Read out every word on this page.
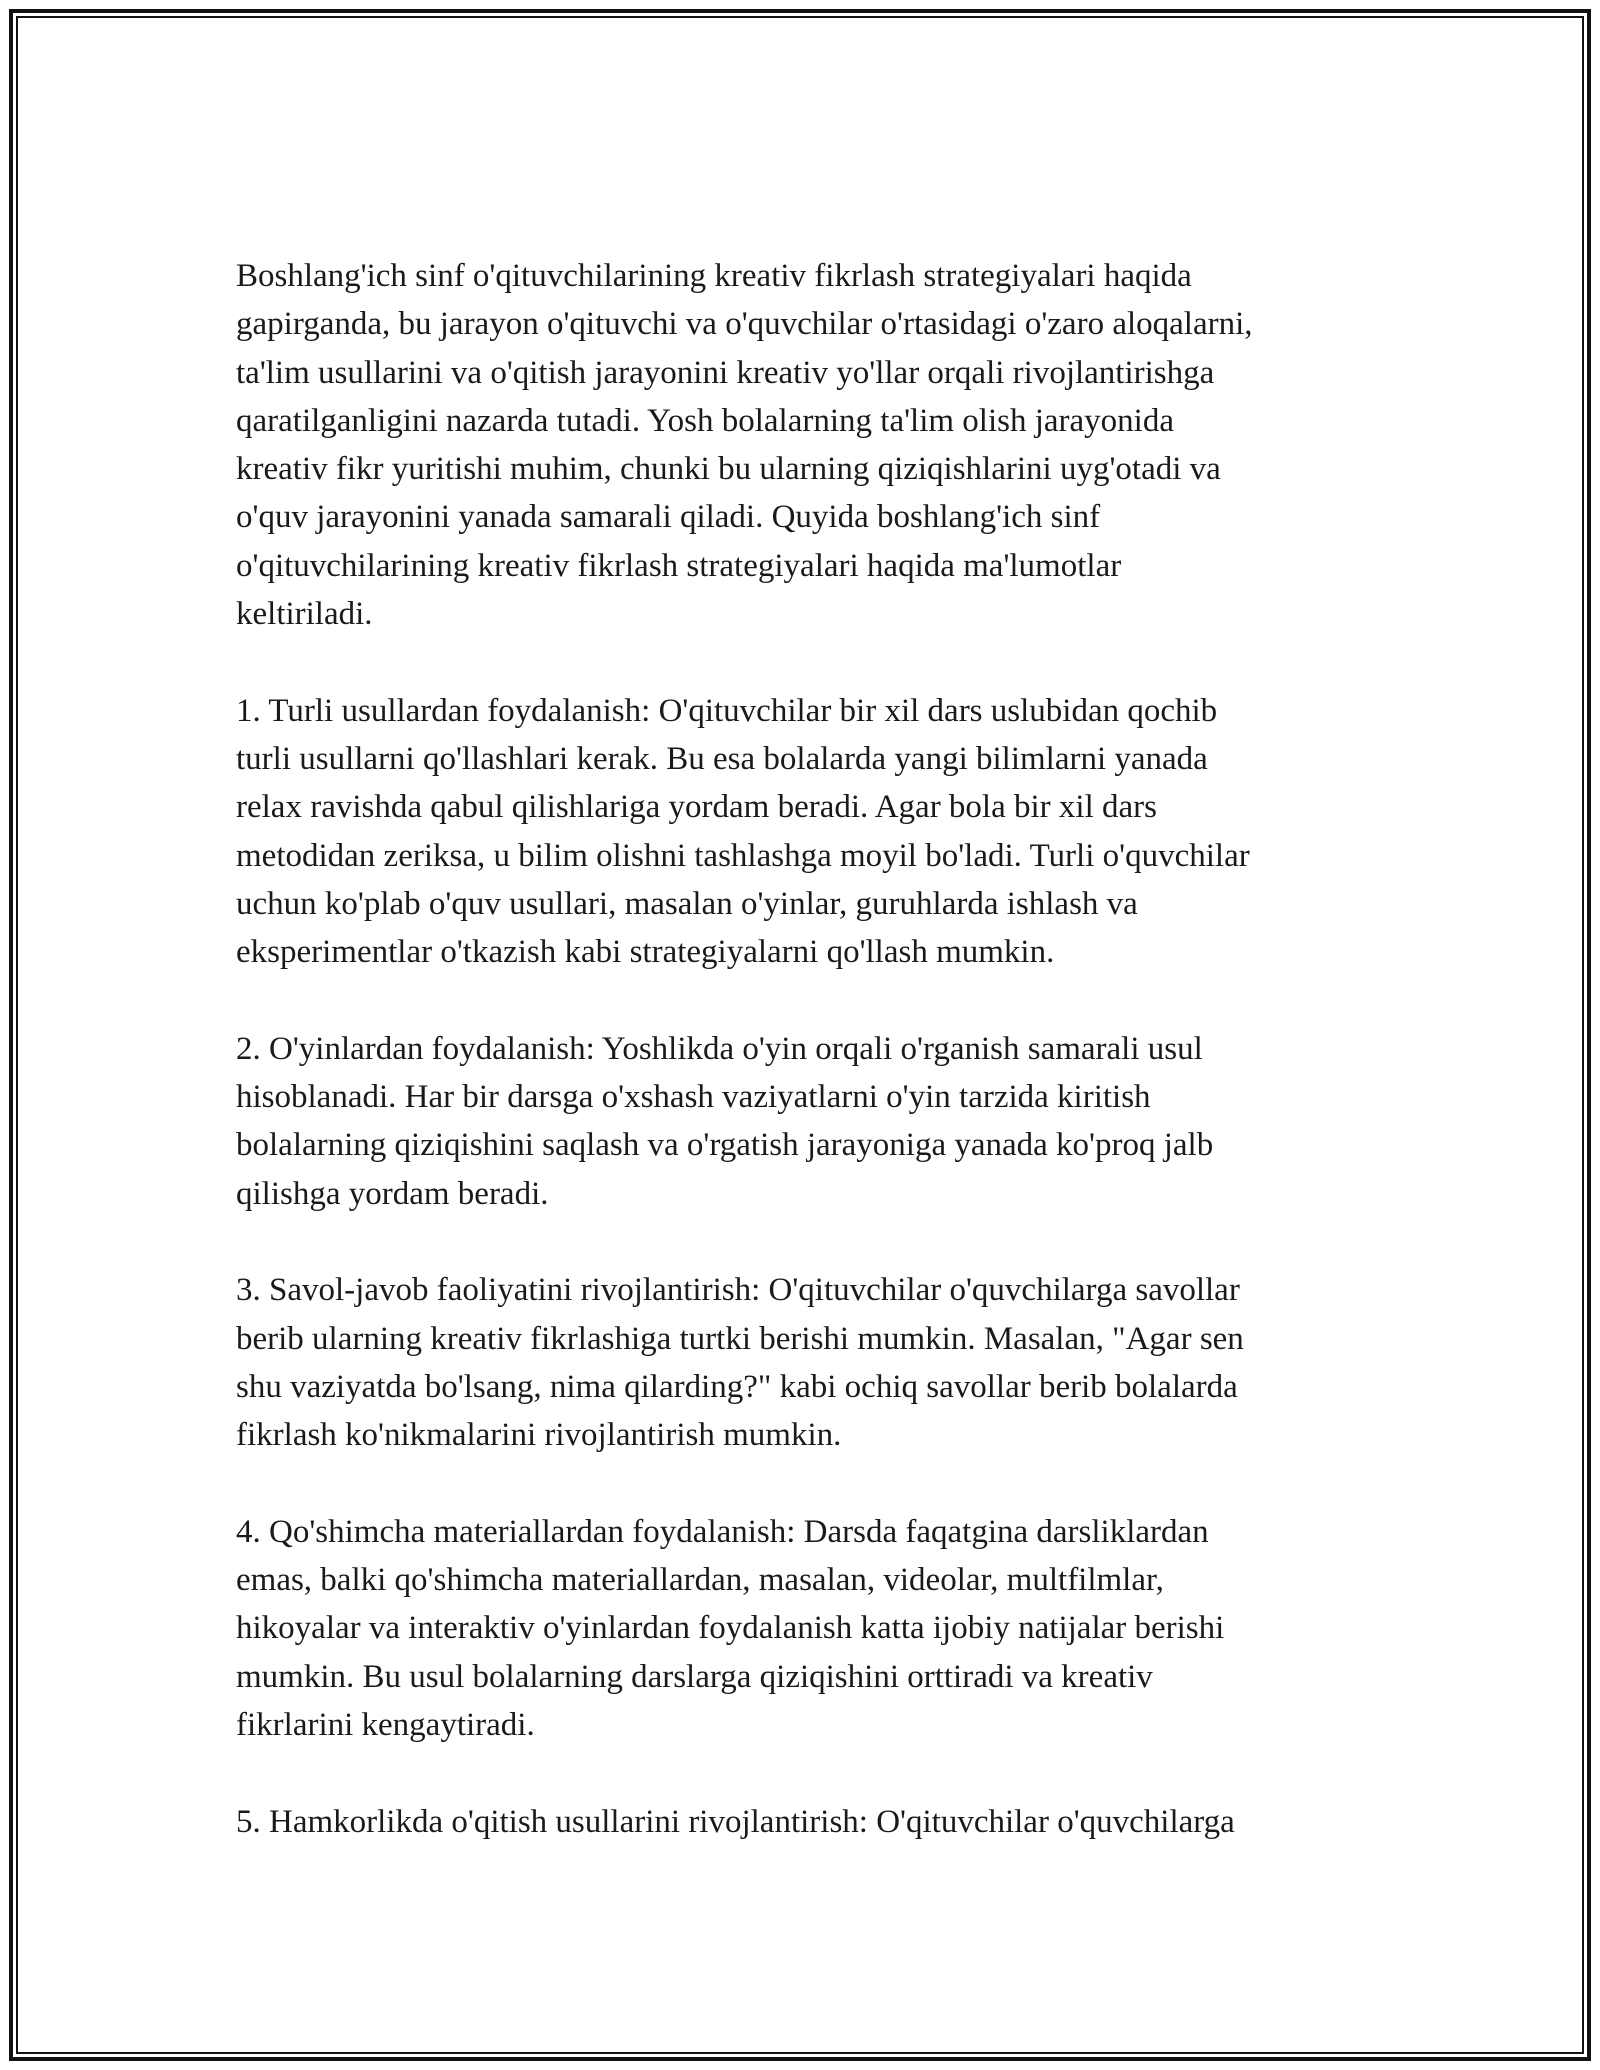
Boshlang'ich sinf o'qituvchilarining kreativ fikrlash strategiyalari haqida
gapirganda, bu jarayon o'qituvchi va o'quvchilar o'rtasidagi o'zaro aloqalarni,
ta'lim usullarini va o'qitish jarayonini kreativ yo'llar orqali rivojlantirishga
qaratilganligini nazarda tutadi. Yosh bolalarning ta'lim olish jarayonida
kreativ fikr yuritishi muhim, chunki bu ularning qiziqishlarini uyg'otadi va
o'quv jarayonini yanada samarali qiladi. Quyida boshlang'ich sinf
o'qituvchilarining kreativ fikrlash strategiyalari haqida ma'lumotlar
keltiriladi.

1. Turli usullardan foydalanish: O'qituvchilar bir xil dars uslubidan qochib
turli usullarni qo'llashlari kerak. Bu esa bolalarda yangi bilimlarni yanada
relax ravishda qabul qilishlariga yordam beradi. Agar bola bir xil dars
metodidan zeriksa, u bilim olishni tashlashga moyil bo'ladi. Turli o'quvchilar
uchun ko'plab o'quv usullari, masalan o'yinlar, guruhlarda ishlash va
eksperimentlar o'tkazish kabi strategiyalarni qo'llash mumkin.

2. O'yinlardan foydalanish: Yoshlikda o'yin orqali o'rganish samarali usul
hisoblanadi. Har bir darsga o'xshash vaziyatlarni o'yin tarzida kiritish
bolalarning qiziqishini saqlash va o'rgatish jarayoniga yanada ko'proq jalb
qilishga yordam beradi.

3. Savol-javob faoliyatini rivojlantirish: O'qituvchilar o'quvchilarga savollar
berib ularning kreativ fikrlashiga turtki berishi mumkin. Masalan, "Agar sen
shu vaziyatda bo'lsang, nima qilarding?" kabi ochiq savollar berib bolalarda
fikrlash ko'nikmalarini rivojlantirish mumkin.

4. Qo'shimcha materiallardan foydalanish: Darsda faqatgina darsliklardan
emas, balki qo'shimcha materiallardan, masalan, videolar, multfilmlar,
hikoyalar va interaktiv o'yinlardan foydalanish katta ijobiy natijalar berishi
mumkin. Bu usul bolalarning darslarga qiziqishini orttiradi va kreativ
fikrlarini kengaytiradi.

5. Hamkorlikda o'qitish usullarini rivojlantirish: O'qituvchilar o'quvchilarga
